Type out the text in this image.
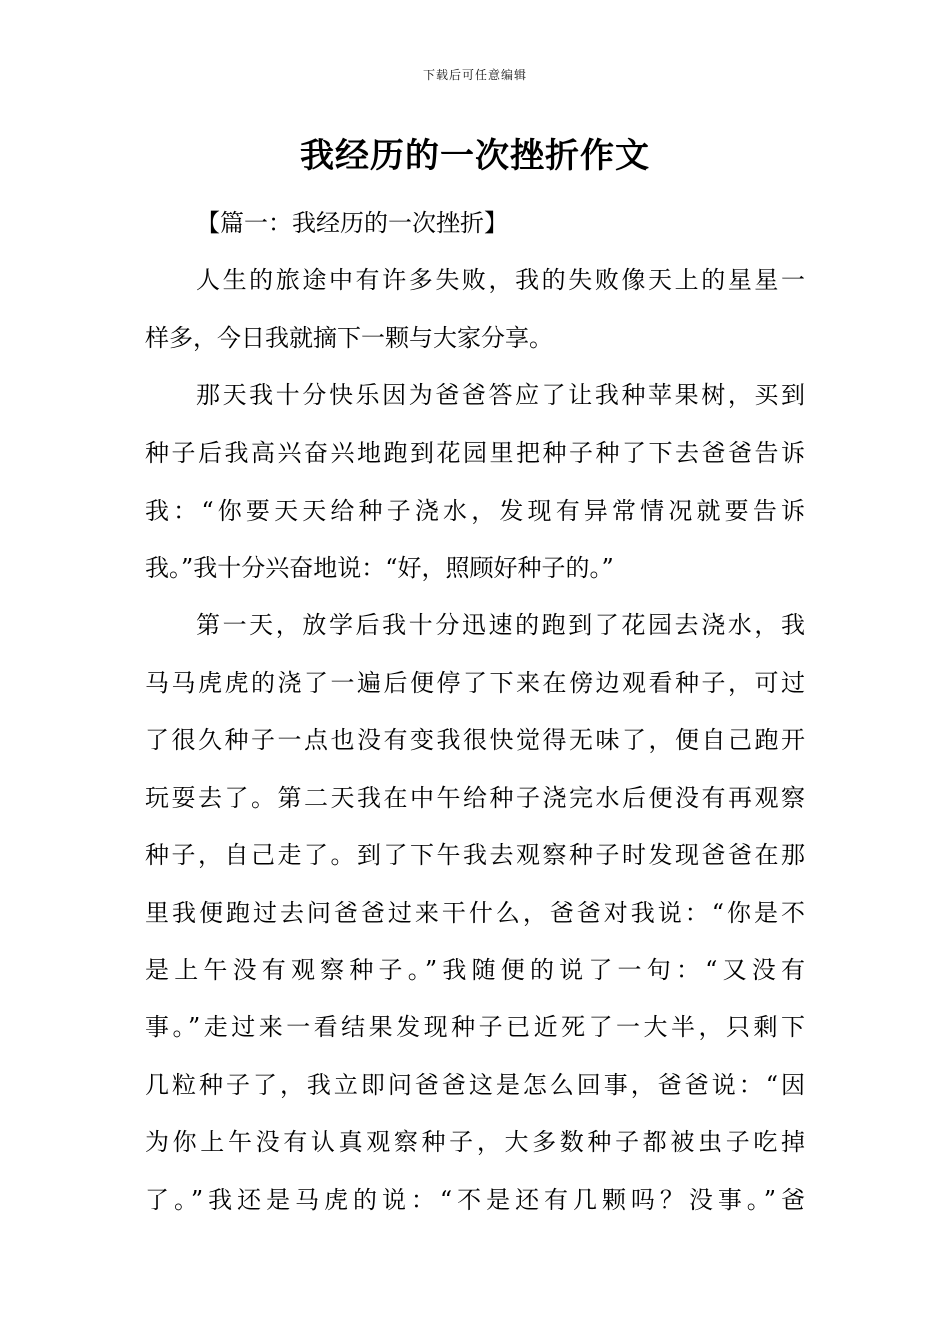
下载后可任意编辑
我经历的一次挫折作文

【篇一：我经历的一次挫折】

人生的旅途中有许多失败，我的失败像天上的星星一
样多，今日我就摘下一颗与大家分享。
那天我十分快乐因为爸爸答应了让我种苹果树，买到
种子后我高兴奋兴地跑到花园里把种子种了下去爸爸告诉
我：“你要天天给种子浇水，发现有异常情况就要告诉
我。”我十分兴奋地说：“好，照顾好种子的。”
第一天，放学后我十分迅速的跑到了花园去浇水，我
马马虎虎的浇了一遍后便停了下来在傍边观看种子，可过
了很久种子一点也没有变我很快觉得无味了，便自己跑开
玩耍去了。第二天我在中午给种子浇完水后便没有再观察
种子，自己走了。到了下午我去观察种子时发现爸爸在那
里我便跑过去问爸爸过来干什么，爸爸对我说：“你是不
是上午没有观察种子。”我随便的说了一句：“又没有
事。”走过来一看结果发现种子已近死了一大半，只剩下
几粒种子了，我立即问爸爸这是怎么回事，爸爸说：“因
为你上午没有认真观察种子，大多数种子都被虫子吃掉
了。”我还是马虎的说：“不是还有几颗吗？没事。”爸
